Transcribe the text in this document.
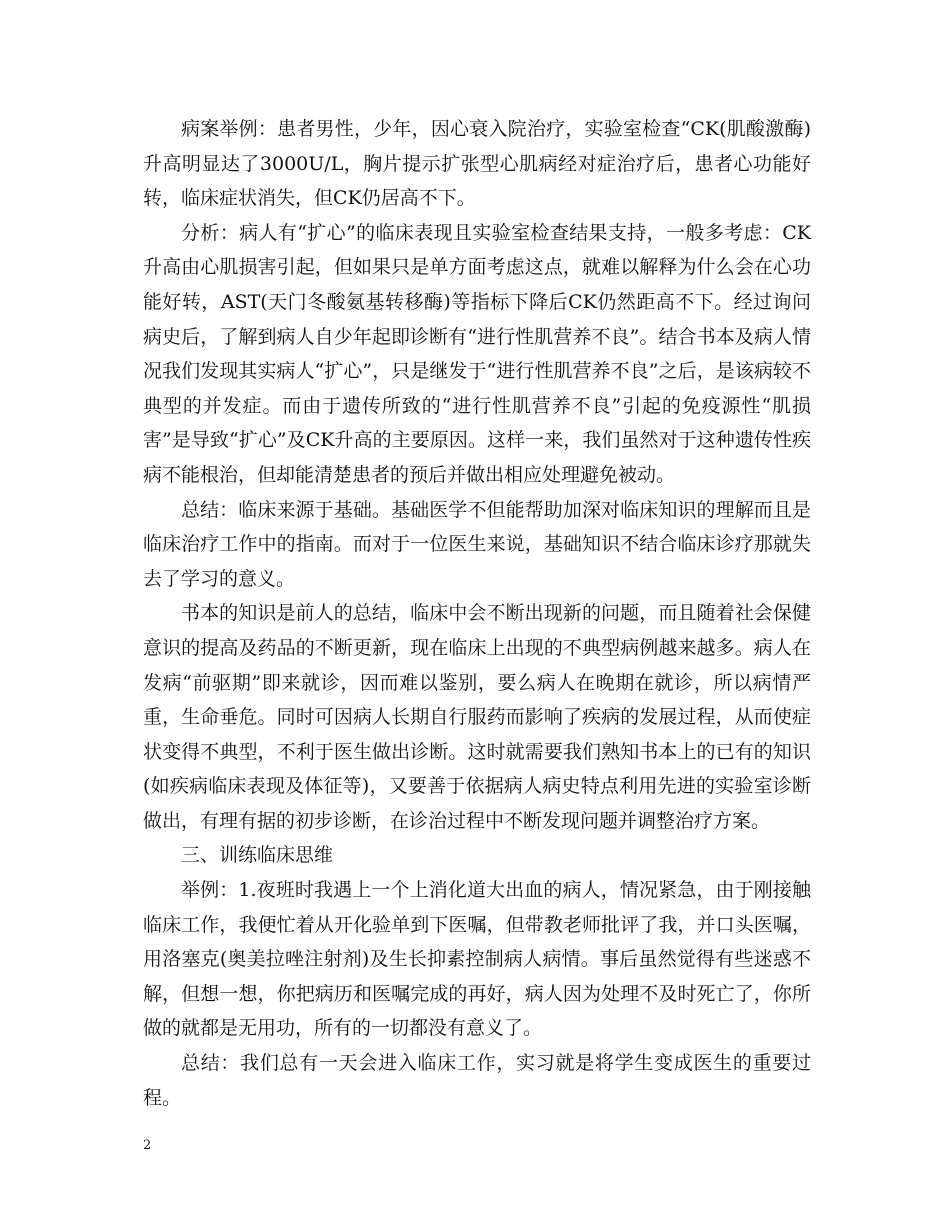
病案举例：患者男性，少年，因心衰入院治疗，实验室检查“CK(肌酸激酶)升高明显达了3000U/L，胸片提示扩张型心肌病经对症治疗后，患者心功能好转，临床症状消失，但CK仍居高不下。

分析：病人有“扩心”的临床表现且实验室检查结果支持，一般多考虑：CK升高由心肌损害引起，但如果只是单方面考虑这点，就难以解释为什么会在心功能好转，AST(天门冬酸氨基转移酶)等指标下降后CK仍然距高不下。经过询问病史后，了解到病人自少年起即诊断有“进行性肌营养不良”。结合书本及病人情况我们发现其实病人“扩心”，只是继发于“进行性肌营养不良”之后，是该病较不典型的并发症。而由于遗传所致的“进行性肌营养不良”引起的免疫源性“肌损害”是导致“扩心”及CK升高的主要原因。这样一来，我们虽然对于这种遗传性疾病不能根治，但却能清楚患者的预后并做出相应处理避免被动。

总结：临床来源于基础。基础医学不但能帮助加深对临床知识的理解而且是临床治疗工作中的指南。而对于一位医生来说，基础知识不结合临床诊疗那就失去了学习的意义。

书本的知识是前人的总结，临床中会不断出现新的问题，而且随着社会保健意识的提高及药品的不断更新，现在临床上出现的不典型病例越来越多。病人在发病“前驱期”即来就诊，因而难以鉴别，要么病人在晚期在就诊，所以病情严重，生命垂危。同时可因病人长期自行服药而影响了疾病的发展过程，从而使症状变得不典型，不利于医生做出诊断。这时就需要我们熟知书本上的已有的知识(如疾病临床表现及体征等)，又要善于依据病人病史特点利用先进的实验室诊断做出，有理有据的初步诊断，在诊治过程中不断发现问题并调整治疗方案。

三、训练临床思维

举例：1.夜班时我遇上一个上消化道大出血的病人，情况紧急，由于刚接触临床工作，我便忙着从开化验单到下医嘱，但带教老师批评了我，并口头医嘱，用洛塞克(奥美拉唑注射剂)及生长抑素控制病人病情。事后虽然觉得有些迷惑不解，但想一想，你把病历和医嘱完成的再好，病人因为处理不及时死亡了，你所做的就都是无用功，所有的一切都没有意义了。

总结：我们总有一天会进入临床工作，实习就是将学生变成医生的重要过程。

2
